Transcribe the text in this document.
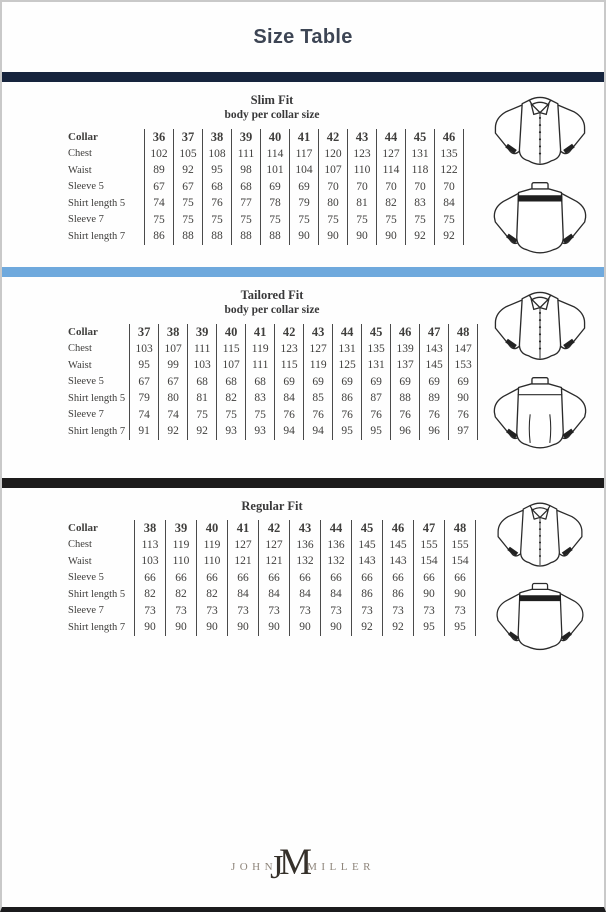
Size Table
Slim Fit
body per collar size
Collar	36	37	38	39	40	41	42	43	44	45	46
Chest	102	105	108	111	114	117	120	123	127	131	135
Waist	89	92	95	98	101	104	107	110	114	118	122
Sleeve 5	67	67	68	68	69	69	70	70	70	70	70
Shirt length 5	74	75	76	77	78	79	80	81	82	83	84
Sleeve 7	75	75	75	75	75	75	75	75	75	75	75
Shirt length 7	86	88	88	88	88	90	90	90	90	92	92
Tailored Fit
body per collar size
Collar	37	38	39	40	41	42	43	44	45	46	47	48
Chest	103	107	111	115	119	123	127	131	135	139	143	147
Waist	95	99	103	107	111	115	119	125	131	137	145	153
Sleeve 5	67	67	68	68	68	69	69	69	69	69	69	69
Shirt length 5	79	80	81	82	83	84	85	86	87	88	89	90
Sleeve 7	74	74	75	75	75	76	76	76	76	76	76	76
Shirt length 7	91	92	92	93	93	94	94	95	95	96	96	97
Regular Fit
Collar	38	39	40	41	42	43	44	45	46	47	48
Chest	113	119	119	127	127	136	136	145	145	155	155
Waist	103	110	110	121	121	132	132	143	143	154	154
Sleeve 5	66	66	66	66	66	66	66	66	66	66	66
Shirt length 5	82	82	82	84	84	84	84	86	86	90	90
Sleeve 7	73	73	73	73	73	73	73	73	73	73	73
Shirt length 7	90	90	90	90	90	90	90	92	92	95	95
JOHN
J
M
MILLER
